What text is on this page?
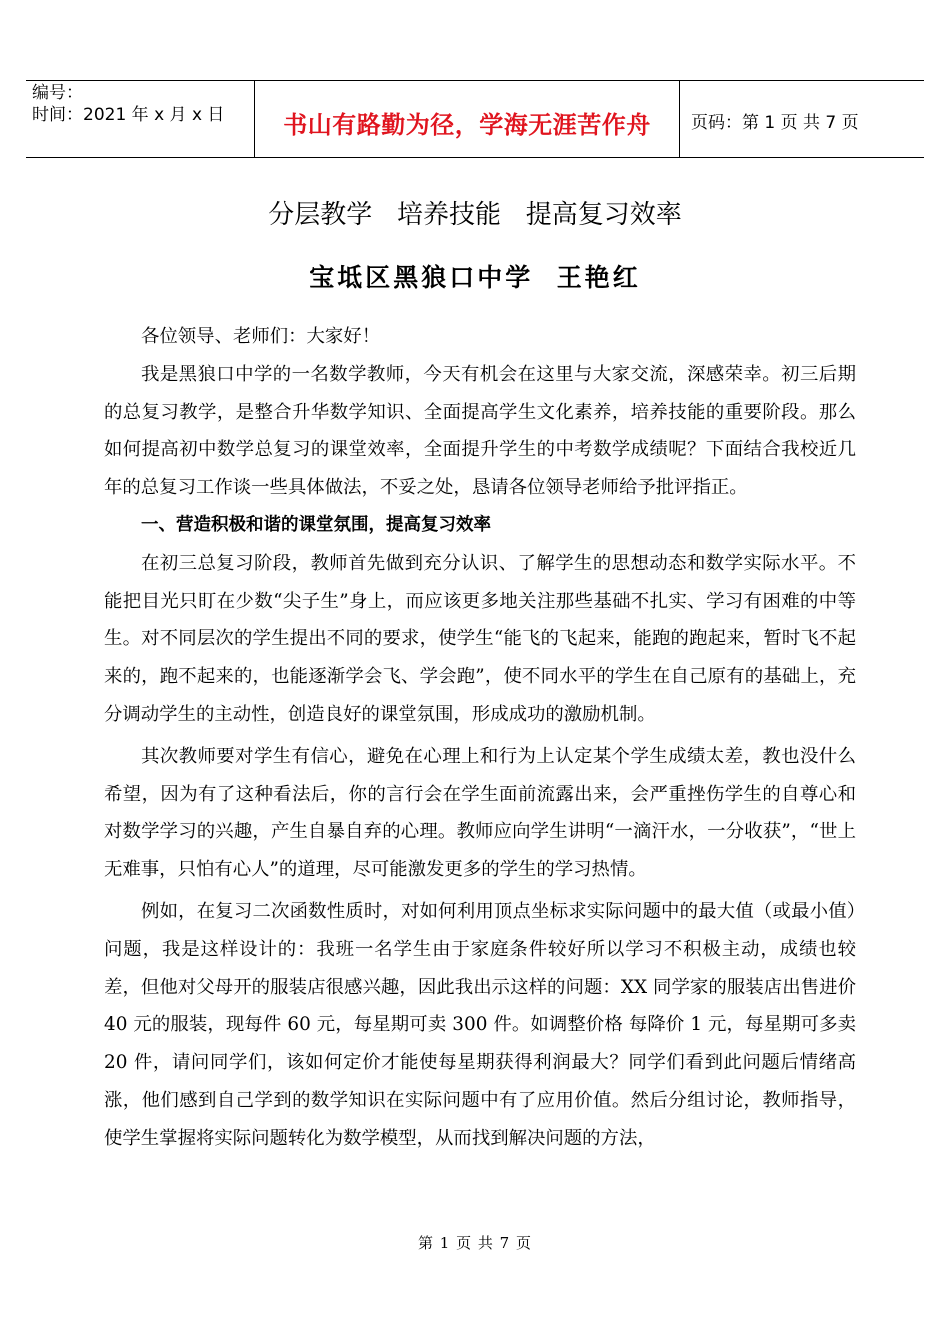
编号：
时间：2021 年 x 月 x 日	书山有路勤为径，学海无涯苦作舟	页码：第 1 页 共 7 页
分层教学   培养技能   提高复习效率
宝坻区黑狼口中学  王艳红

各位领导、老师们：大家好！

我是黑狼口中学的一名数学教师，今天有机会在这里与大家交流，深感荣幸。初三后期的总复习教学，是整合升华数学知识、全面提高学生文化素养，培养技能的重要阶段。那么如何提高初中数学总复习的课堂效率，全面提升学生的中考数学成绩呢？下面结合我校近几年的总复习工作谈一些具体做法，不妥之处，恳请各位领导老师给予批评指正。

一、营造积极和谐的课堂氛围，提高复习效率

在初三总复习阶段，教师首先做到充分认识、了解学生的思想动态和数学实际水平。不能把目光只盯在少数“尖子生”身上，而应该更多地关注那些基础不扎实、学习有困难的中等生。对不同层次的学生提出不同的要求，使学生“能飞的飞起来，能跑的跑起来，暂时飞不起来的，跑不起来的，也能逐渐学会飞、学会跑”，使不同水平的学生在自己原有的基础上，充分调动学生的主动性，创造良好的课堂氛围，形成成功的激励机制。

其次教师要对学生有信心，避免在心理上和行为上认定某个学生成绩太差，教也没什么希望，因为有了这种看法后，你的言行会在学生面前流露出来，会严重挫伤学生的自尊心和对数学学习的兴趣，产生自暴自弃的心理。教师应向学生讲明“一滴汗水，一分收获”，“世上无难事，只怕有心人”的道理，尽可能激发更多的学生的学习热情。

例如，在复习二次函数性质时，对如何利用顶点坐标求实际问题中的最大值（或最小值）问题，我是这样设计的：我班一名学生由于家庭条件较好所以学习不积极主动，成绩也较差，但他对父母开的服装店很感兴趣，因此我出示这样的问题：XX 同学家的服装店出售进价 40 元的服装，现每件 60 元，每星期可卖 300 件。如调整价格 每降价 1 元，每星期可多卖 20 件，请问同学们，该如何定价才能使每星期获得利润最大？同学们看到此问题后情绪高涨，他们感到自己学到的数学知识在实际问题中有了应用价值。然后分组讨论，教师指导，使学生掌握将实际问题转化为数学模型，从而找到解决问题的方法，

第 1 页 共 7 页
